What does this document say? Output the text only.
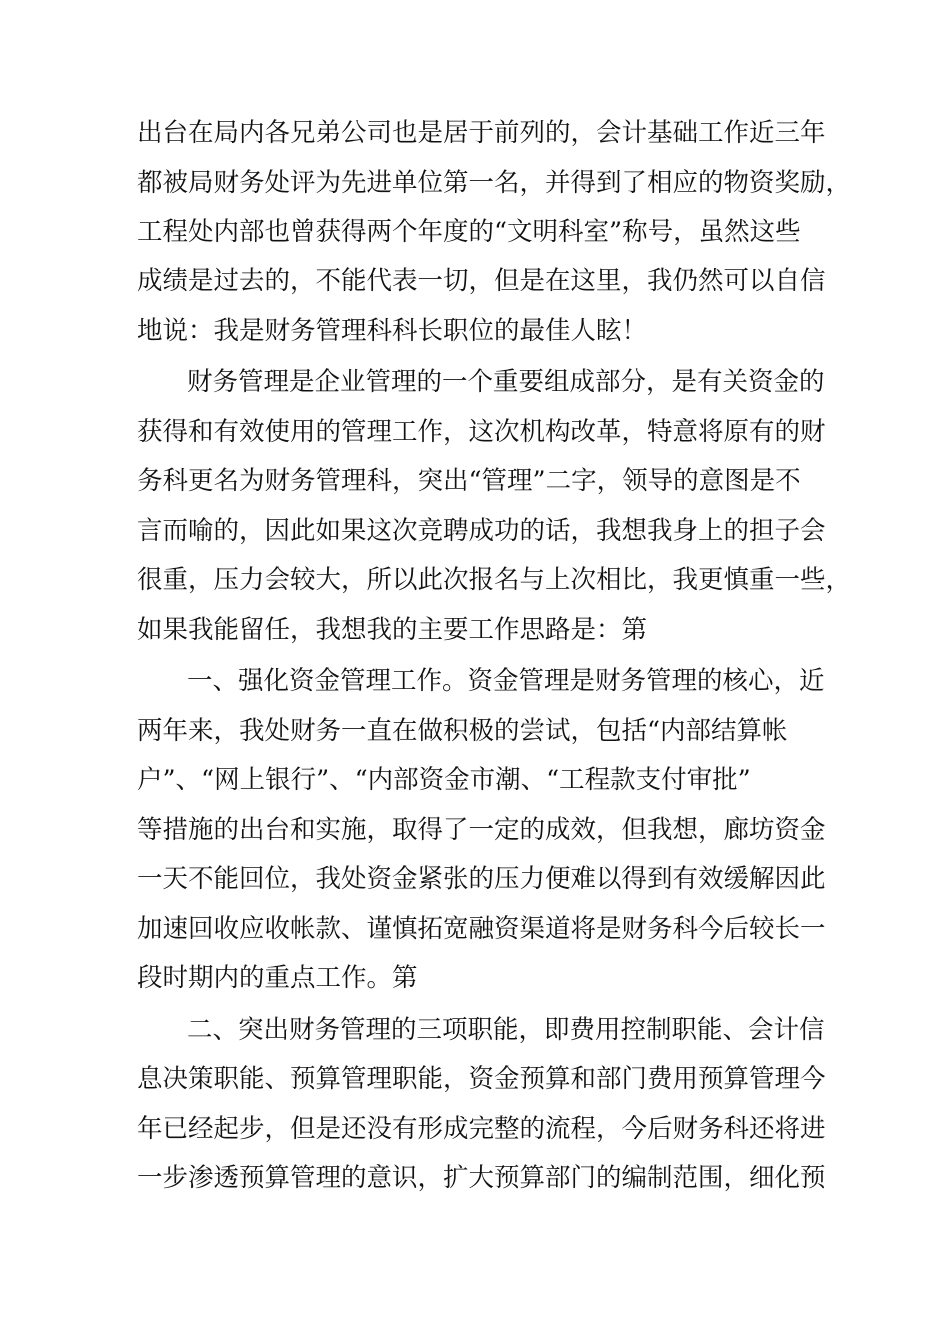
出台在局内各兄弟公司也是居于前列的，会计基础工作近三年
都被局财务处评为先进单位第一名，并得到了相应的物资奖励，
工程处内部也曾获得两个年度的“文明科室”称号，虽然这些
成绩是过去的，不能代表一切，但是在这里，我仍然可以自信
地说：我是财务管理科科长职位的最佳人眩！
财务管理是企业管理的一个重要组成部分，是有关资金的
获得和有效使用的管理工作，这次机构改革，特意将原有的财
务科更名为财务管理科，突出“管理”二字，领导的意图是不
言而喻的，因此如果这次竞聘成功的话，我想我身上的担子会
很重，压力会较大，所以此次报名与上次相比，我更慎重一些，
如果我能留任，我想我的主要工作思路是：第
一、强化资金管理工作。资金管理是财务管理的核心，近
两年来，我处财务一直在做积极的尝试，包括“内部结算帐
户”、“网上银行”、“内部资金市潮、“工程款支付审批”
等措施的出台和实施，取得了一定的成效，但我想，廊坊资金
一天不能回位，我处资金紧张的压力便难以得到有效缓解因此
加速回收应收帐款、谨慎拓宽融资渠道将是财务科今后较长一
段时期内的重点工作。第
二、突出财务管理的三项职能，即费用控制职能、会计信
息决策职能、预算管理职能，资金预算和部门费用预算管理今
年已经起步，但是还没有形成完整的流程，今后财务科还将进
一步渗透预算管理的意识，扩大预算部门的编制范围，细化预
